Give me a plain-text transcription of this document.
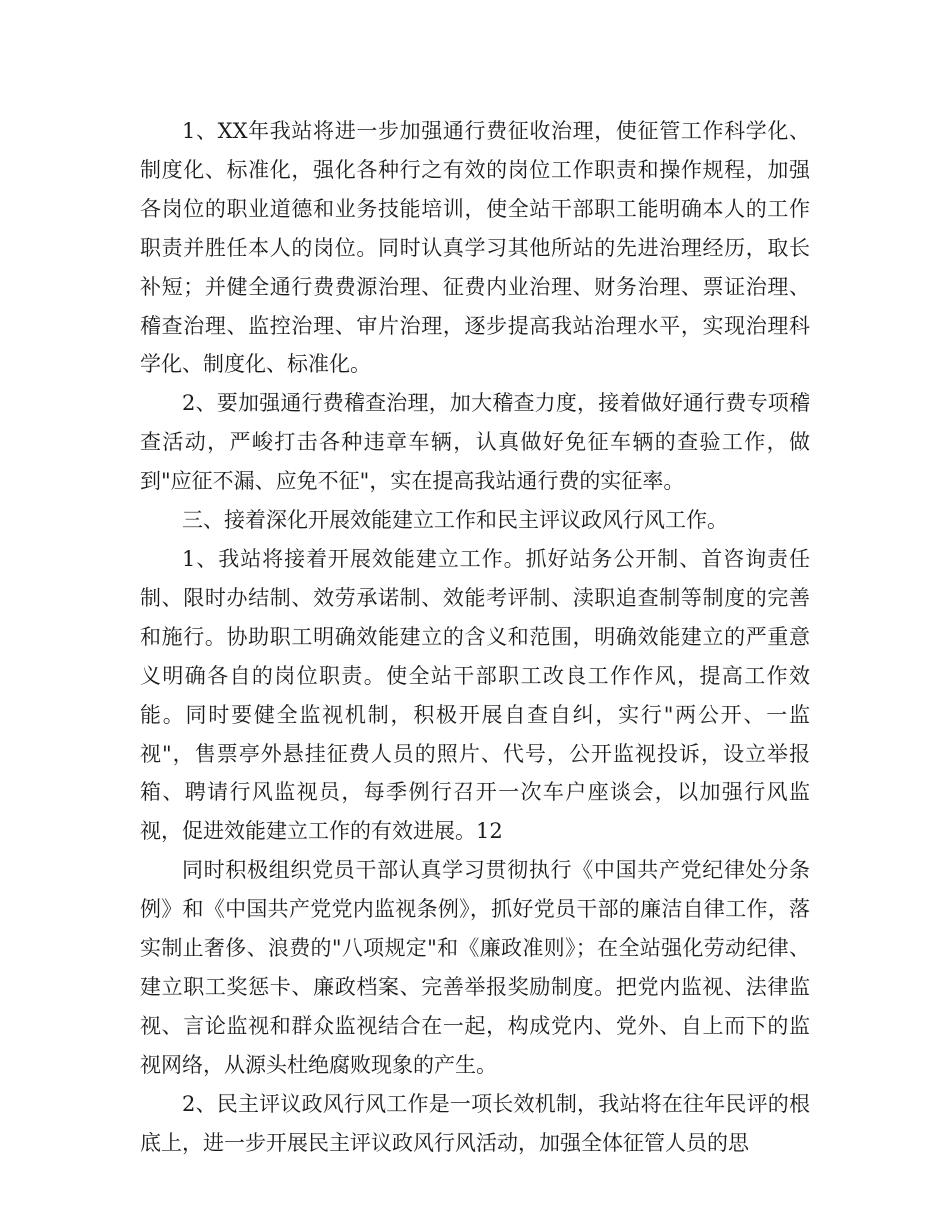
1、XX年我站将进一步加强通行费征收治理，使征管工作科学化、制度化、标准化，强化各种行之有效的岗位工作职责和操作规程，加强各岗位的职业道德和业务技能培训，使全站干部职工能明确本人的工作职责并胜任本人的岗位。同时认真学习其他所站的先进治理经历，取长补短；并健全通行费费源治理、征费内业治理、财务治理、票证治理、稽查治理、监控治理、审片治理，逐步提高我站治理水平，实现治理科学化、制度化、标准化。

2、要加强通行费稽查治理，加大稽查力度，接着做好通行费专项稽查活动，严峻打击各种违章车辆，认真做好免征车辆的查验工作，做到"应征不漏、应免不征"，实在提高我站通行费的实征率。

三、接着深化开展效能建立工作和民主评议政风行风工作。

1、我站将接着开展效能建立工作。抓好站务公开制、首咨询责任制、限时办结制、效劳承诺制、效能考评制、渎职追查制等制度的完善和施行。协助职工明确效能建立的含义和范围，明确效能建立的严重意义明确各自的岗位职责。使全站干部职工改良工作作风，提高工作效能。同时要健全监视机制，积极开展自查自纠，实行"两公开、一监视"，售票亭外悬挂征费人员的照片、代号，公开监视投诉，设立举报箱、聘请行风监视员，每季例行召开一次车户座谈会，以加强行风监视，促进效能建立工作的有效进展。12

同时积极组织党员干部认真学习贯彻执行《中国共产党纪律处分条例》和《中国共产党党内监视条例》，抓好党员干部的廉洁自律工作，落实制止奢侈、浪费的"八项规定"和《廉政准则》；在全站强化劳动纪律、建立职工奖惩卡、廉政档案、完善举报奖励制度。把党内监视、法律监视、言论监视和群众监视结合在一起，构成党内、党外、自上而下的监视网络，从源头杜绝腐败现象的产生。

2、民主评议政风行风工作是一项长效机制，我站将在往年民评的根底上，进一步开展民主评议政风行风活动，加强全体征管人员的思
